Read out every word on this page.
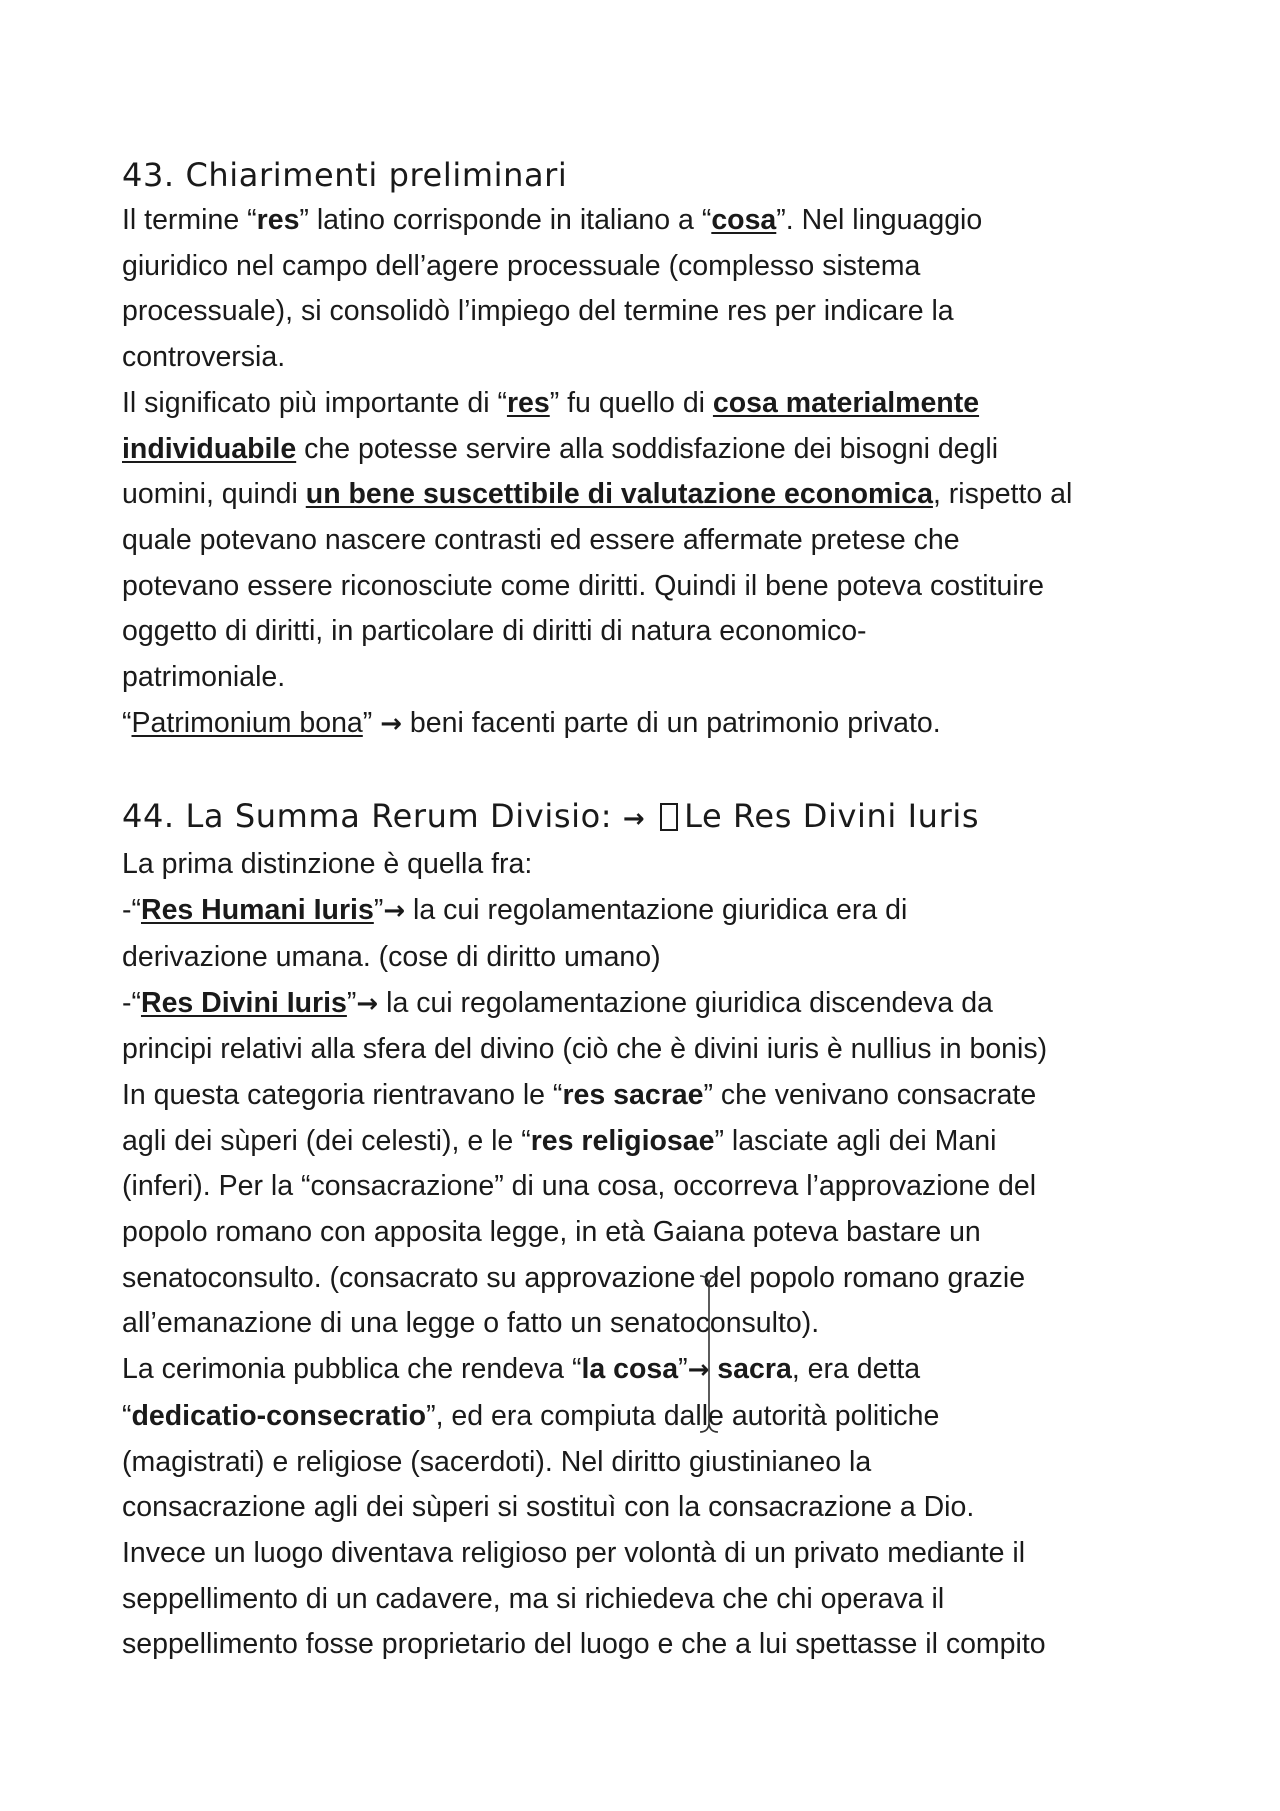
43. Chiarimenti preliminari

Il termine “res” latino corrisponde in italiano a “cosa”. Nel linguaggio
giuridico nel campo dell’agere processuale (complesso sistema
processuale), si consolidò l’impiego del termine res per indicare la
controversia.

Il significato più importante di “res” fu quello di cosa materialmente
individuabile che potesse servire alla soddisfazione dei bisogni degli
uomini, quindi un bene suscettibile di valutazione economica, rispetto al
quale potevano nascere contrasti ed essere affermate pretese che
potevano essere riconosciute come diritti. Quindi il bene poteva costituire
oggetto di diritti, in particolare di diritti di natura economico-
patrimoniale.

“Patrimonium bona” → beni facenti parte di un patrimonio privato.

44. La Summa Rerum Divisio: → Le Res Divini Iuris

La prima distinzione è quella fra:
-“Res Humani Iuris”→ la cui regolamentazione giuridica era di
derivazione umana. (cose di diritto umano)
-“Res Divini Iuris”→ la cui regolamentazione giuridica discendeva da
principi relativi alla sfera del divino (ciò che è divini iuris è nullius in bonis)

In questa categoria rientravano le “res sacrae” che venivano consacrate
agli dei sùperi (dei celesti), e le “res religiosae” lasciate agli dei Mani
(inferi). Per la “consacrazione” di una cosa, occorreva l’approvazione del
popolo romano con apposita legge, in età Gaiana poteva bastare un
senatoconsulto. (consacrato su approvazione del popolo romano grazie
all’emanazione di una legge o fatto un senatoconsulto).

La cerimonia pubblica che rendeva “la cosa”→ sacra, era detta
“dedicatio-consecratio”, ed era compiuta dalle autorità politiche
(magistrati) e religiose (sacerdoti). Nel diritto giustinianeo la
consacrazione agli dei sùperi si sostituì con la consacrazione a Dio.

Invece un luogo diventava religioso per volontà di un privato mediante il
seppellimento di un cadavere, ma si richiedeva che chi operava il
seppellimento fosse proprietario del luogo e che a lui spettasse il compito
